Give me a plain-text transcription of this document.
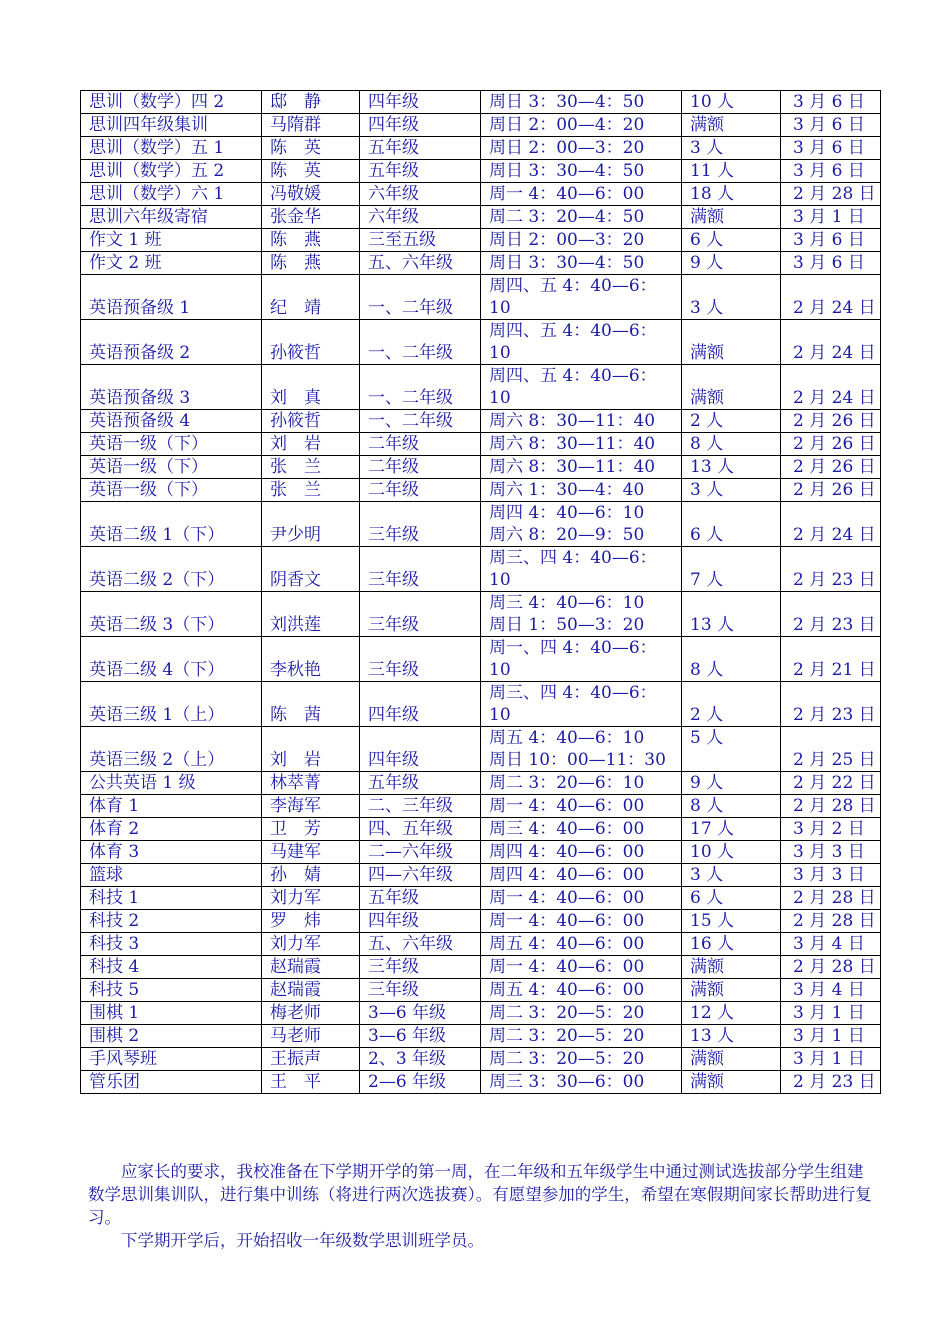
思训（数学）四 2	邸　静	四年级	周日 3：30—4：50	10 人	3 月 6 日
思训四年级集训	马隋群	四年级	周日 2：00—4：20	满额	3 月 6 日
思训（数学）五 1	陈　英	五年级	周日 2：00—3：20	3 人	3 月 6 日
思训（数学）五 2	陈　英	五年级	周日 3：30—4：50	11 人	3 月 6 日
思训（数学）六 1	冯敬媛	六年级	周一 4：40—6：00	18 人	2 月 28 日
思训六年级寄宿	张金华	六年级	周二 3：20—4：50	满额	3 月 1 日
作文 1 班	陈　燕	三至五级	周日 2：00—3：20	6 人	3 月 6 日
作文 2 班	陈　燕	五、六年级	周日 3：30—4：50	9 人	3 月 6 日
英语预备级 1	纪　靖	一、二年级	周四、五 4：40—6：
10	3 人	2 月 24 日
英语预备级 2	孙筱哲	一、二年级	周四、五 4：40—6：
10	满额	2 月 24 日
英语预备级 3	刘　真	一、二年级	周四、五 4：40—6：
10	满额	2 月 24 日
英语预备级 4	孙筱哲	一、二年级	周六 8：30—11：40	2 人	2 月 26 日
英语一级（下）	刘　岩	二年级	周六 8：30—11：40	8 人	2 月 26 日
英语一级（下）	张　兰	二年级	周六 8：30—11：40	13 人	2 月 26 日
英语一级（下）	张　兰	二年级	周六 1：30—4：40	3 人	2 月 26 日
英语二级 1（下）	尹少明	三年级	周四 4：40—6：10
周六 8：20—9：50	6 人	2 月 24 日
英语二级 2（下）	阴香文	三年级	周三、四 4：40—6：
10	7 人	2 月 23 日
英语二级 3（下）	刘洪莲	三年级	周三 4：40—6：10
周日 1：50—3：20	13 人	2 月 23 日
英语二级 4（下）	李秋艳	三年级	周一、四 4：40—6：
10	8 人	2 月 21 日
英语三级 1（上）	陈　茜	四年级	周三、四 4：40—6：
10	2 人	2 月 23 日
英语三级 2（上）	刘　岩	四年级	周五 4：40—6：10
周日 10：00—11：30	5 人	2 月 25 日
公共英语 1 级	林萃菁	五年级	周二 3：20—6：10	9 人	2 月 22 日
体育 1	李海军	二、三年级	周一 4：40—6：00	8 人	2 月 28 日
体育 2	卫　芳	四、五年级	周三 4：40—6：00	17 人	3 月 2 日
体育 3	马建军	二—六年级	周四 4：40—6：00	10 人	3 月 3 日
篮球	孙　婧	四—六年级	周四 4：40—6：00	3 人	3 月 3 日
科技 1	刘力军	五年级	周一 4：40—6：00	6 人	2 月 28 日
科技 2	罗　炜	四年级	周一 4：40—6：00	15 人	2 月 28 日
科技 3	刘力军	五、六年级	周五 4：40—6：00	16 人	3 月 4 日
科技 4	赵瑞霞	三年级	周一 4：40—6：00	满额	2 月 28 日
科技 5	赵瑞霞	三年级	周五 4：40—6：00	满额	3 月 4 日
围棋 1	梅老师	3—6 年级	周二 3：20—5：20	12 人	3 月 1 日
围棋 2	马老师	3—6 年级	周二 3：20—5：20	13 人	3 月 1 日
手风琴班	王振声	2、3 年级	周二 3：20—5：20	满额	3 月 1 日
管乐团	王　平	2—6 年级	周三 3：30—6：00	满额	2 月 23 日

应家长的要求，我校准备在下学期开学的第一周，在二年级和五年级学生中通过测试选拔部分学生组建数学思训集训队，进行集中训练（将进行两次选拔赛）。有愿望参加的学生，希望在寒假期间家长帮助进行复习。

下学期开学后，开始招收一年级数学思训班学员。
